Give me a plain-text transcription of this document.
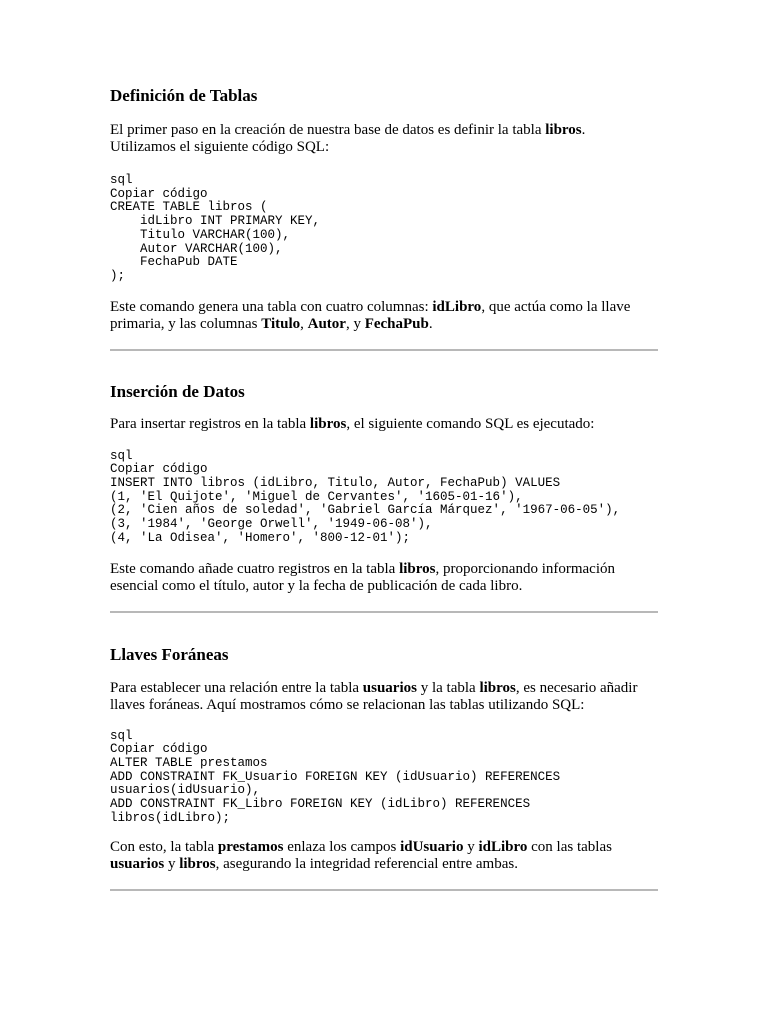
Definición de Tablas

El primer paso en la creación de nuestra base de datos es definir la tabla libros.
Utilizamos el siguiente código SQL:

sql
Copiar código
CREATE TABLE libros (
idLibro INT PRIMARY KEY,
Titulo VARCHAR(100),
Autor VARCHAR(100),
FechaPub DATE
);

Este comando genera una tabla con cuatro columnas: idLibro, que actúa como la llave
primaria, y las columnas Titulo, Autor, y FechaPub.

Inserción de Datos

Para insertar registros en la tabla libros, el siguiente comando SQL es ejecutado:

sql
Copiar código
INSERT INTO libros (idLibro, Titulo, Autor, FechaPub) VALUES
(1, 'El Quijote', 'Miguel de Cervantes', '1605-01-16'),
(2, 'Cien años de soledad', 'Gabriel García Márquez', '1967-06-05'),
(3, '1984', 'George Orwell', '1949-06-08'),
(4, 'La Odisea', 'Homero', '800-12-01');

Este comando añade cuatro registros en la tabla libros, proporcionando información
esencial como el título, autor y la fecha de publicación de cada libro.

Llaves Foráneas

Para establecer una relación entre la tabla usuarios y la tabla libros, es necesario añadir
llaves foráneas. Aquí mostramos cómo se relacionan las tablas utilizando SQL:

sql
Copiar código
ALTER TABLE prestamos
ADD CONSTRAINT FK_Usuario FOREIGN KEY (idUsuario) REFERENCES
usuarios(idUsuario),
ADD CONSTRAINT FK_Libro FOREIGN KEY (idLibro) REFERENCES
libros(idLibro);

Con esto, la tabla prestamos enlaza los campos idUsuario y idLibro con las tablas
usuarios y libros, asegurando la integridad referencial entre ambas.
